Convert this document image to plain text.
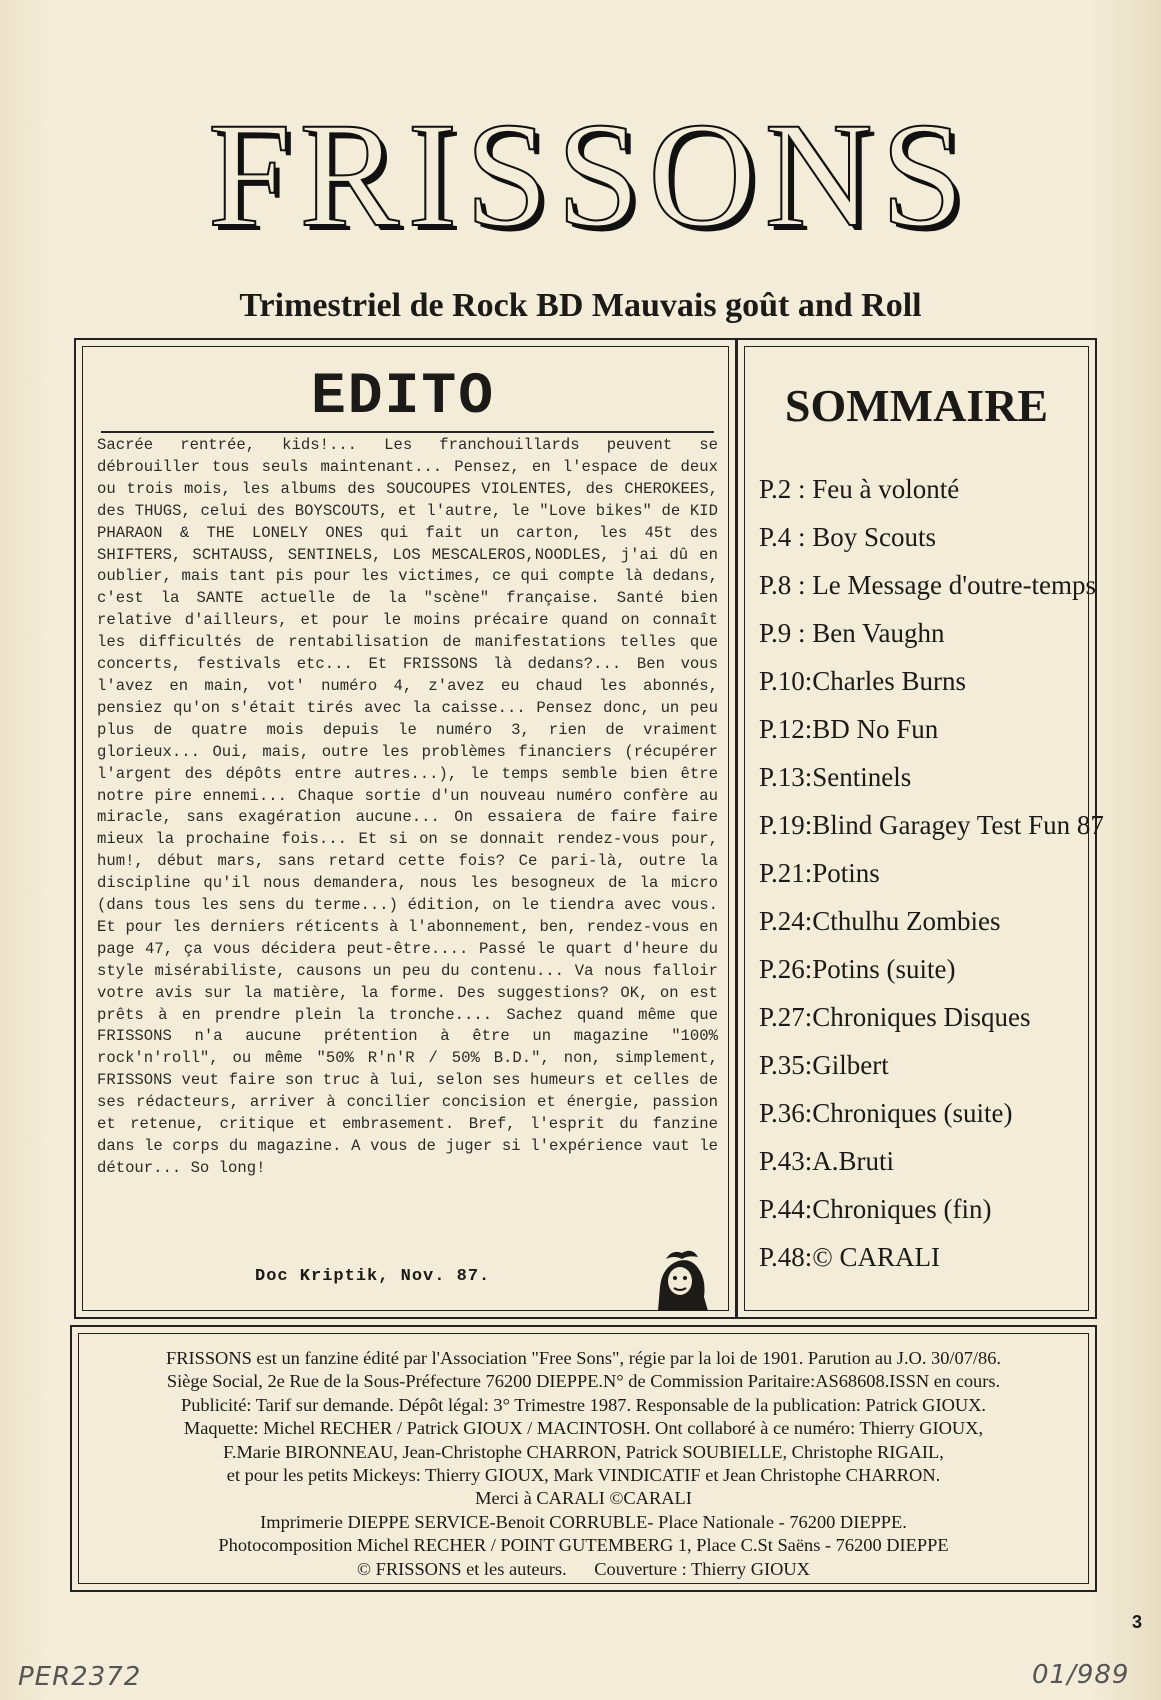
FRISSONS
Trimestriel de Rock BD Mauvais goût and Roll
EDITO

Sacrée rentrée, kids!... Les franchouillards peuvent se débrouiller tous seuls maintenant... Pensez, en l'espace de deux ou trois mois, les albums des SOUCOUPES VIOLENTES, des CHEROKEES, des THUGS, celui des BOYSCOUTS, et l'autre, le "Love bikes" de KID PHARAON & THE LONELY ONES qui fait un carton, les 45t des SHIFTERS, SCHTAUSS, SENTINELS, LOS MESCALEROS,NOODLES, j'ai dû en oublier, mais tant pis pour les victimes, ce qui compte là dedans, c'est la SANTE actuelle de la "scène" française. Santé bien relative d'ailleurs, et pour le moins précaire quand on connaît les difficultés de rentabilisation de manifestations telles que concerts, festivals etc... Et FRISSONS là dedans?... Ben vous l'avez en main, vot' numéro 4, z'avez eu chaud les abonnés, pensiez qu'on s'était tirés avec la caisse... Pensez donc, un peu plus de quatre mois depuis le numéro 3, rien de vraiment glorieux... Oui, mais, outre les problèmes financiers (récupérer l'argent des dépôts entre autres...), le temps semble bien être notre pire ennemi... Chaque sortie d'un nouveau numéro confère au miracle, sans exagération aucune... On essaiera de faire faire mieux la prochaine fois... Et si on se donnait rendez-vous pour, hum!, début mars, sans retard cette fois? Ce pari-là, outre la discipline qu'il nous demandera, nous les besogneux de la micro (dans tous les sens du terme...) édition, on le tiendra avec vous. Et pour les derniers réticents à l'abonnement, ben, rendez-vous en page 47, ça vous décidera peut-être.... Passé le quart d'heure du style misérabiliste, causons un peu du contenu... Va nous falloir votre avis sur la matière, la forme. Des suggestions? OK, on est prêts à en prendre plein la tronche.... Sachez quand même que FRISSONS n'a aucune prétention à être un magazine "100% rock'n'roll", ou même "50% R'n'R / 50% B.D.", non, simplement, FRISSONS veut faire son truc à lui, selon ses humeurs et celles de ses rédacteurs, arriver à concilier concision et énergie, passion et retenue, critique et embrasement. Bref, l'esprit du fanzine dans le corps du magazine. A vous de juger si l'expérience vaut le détour... So long!

Doc Kriptik, Nov. 87.
SOMMAIRE
P.2 : Feu à volonté
P.4 : Boy Scouts
P.8 : Le Message d'outre-temps
P.9 : Ben Vaughn
P.10:Charles Burns
P.12:BD No Fun
P.13:Sentinels
P.19:Blind Garagey Test Fun 87
P.21:Potins
P.24:Cthulhu Zombies
P.26:Potins (suite)
P.27:Chroniques Disques
P.35:Gilbert
P.36:Chroniques (suite)
P.43:A.Bruti
P.44:Chroniques (fin)
P.48:© CARALI
FRISSONS est un fanzine édité par l'Association "Free Sons", régie par la loi de 1901. Parution au J.O. 30/07/86.
Siège Social, 2e Rue de la Sous-Préfecture 76200 DIEPPE.N° de Commission Paritaire:AS68608.ISSN en cours.
Publicité: Tarif sur demande. Dépôt légal: 3° Trimestre 1987. Responsable de la publication: Patrick GIOUX.
Maquette: Michel RECHER / Patrick GIOUX / MACINTOSH. Ont collaboré à ce numéro: Thierry GIOUX,
F.Marie BIRONNEAU, Jean-Christophe CHARRON, Patrick SOUBIELLE, Christophe RIGAIL,
et pour les petits Mickeys: Thierry GIOUX, Mark VINDICATIF et Jean Christophe CHARRON.
Merci à CARALI ©CARALI
Imprimerie DIEPPE SERVICE-Benoit CORRUBLE- Place Nationale - 76200 DIEPPE.
Photocomposition Michel RECHER / POINT GUTEMBERG 1, Place C.St Saëns - 76200 DIEPPE
© FRISSONS et les auteurs.      Couverture : Thierry GIOUX
3
PER2372	01/989
